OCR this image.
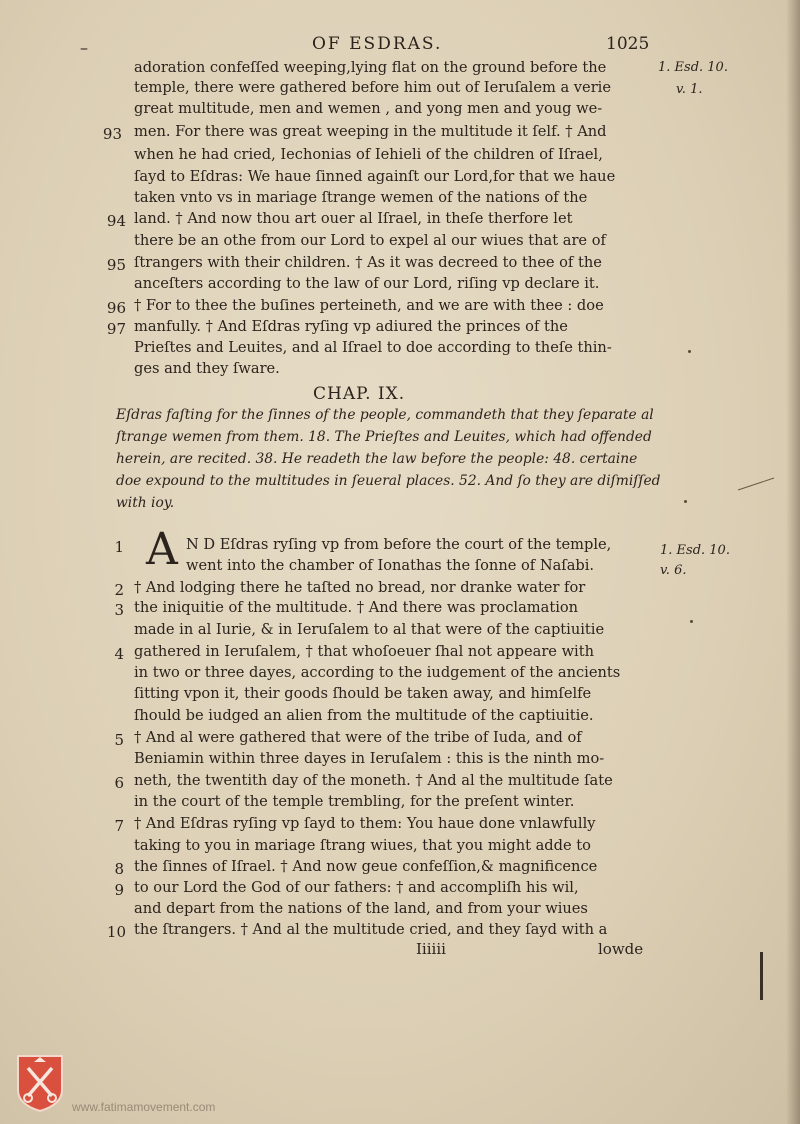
–	OF ESDRAS.	1025
1. Esd. 10.
v. 1.
1. Esd. 10.
v. 6.
adoration confeſſed weeping,lying flat on the ground before the
temple, there were gathered before him out of Ieruſalem a verie
great multitude, men and wemen , and yong men and youg we-
men. For there was great weeping in the multitude it ſelf. † And
when he had cried, Iechonias of Iehieli of the children of Iſrael,
ſayd to Eſdras: We haue ſinned againſt our Lord,for that we haue
taken vnto vs in mariage ſtrange wemen of the nations of the
land. † And now thou art ouer al Iſrael, in theſe therfore let
there be an othe from our Lord to expel al our wiues that are of
ſtrangers with their children. † As it was decreed to thee of the
anceſters according to the law of our Lord, riſing vp declare it.
† For to thee the buſines perteineth, and we are with thee : doe
manfully. † And Eſdras ryſing vp adiured the princes of the
Prieſtes and Leuites, and al Iſrael to doe according to theſe thin-
ges and they ſware.
93
94
95
96
97
CHAP. IX.
Eſdras faſting for the ſinnes of the people, commandeth that they ſeparate al
ſtrange wemen from them. 18. The Prieſtes and Leuites, which had offended
herein, are recited. 38. He readeth the law before the people: 48. certaine
doe expound to the multitudes in ſeueral places. 52. And ſo they are diſmiſſed
with ioy.
A N D Eſdras ryſing vp from before the court of the temple,
went into the chamber of Ionathas the ſonne of Naſabi.
† And lodging there he taſted no bread, nor dranke water for
the iniquitie of the multitude. † And there was proclamation
made in al Iurie, & in Ieruſalem to al that were of the captiuitie
gathered in Ieruſalem, † that whoſoeuer ſhal not appeare with
in two or three dayes, according to the iudgement of the ancients
ſitting vpon it, their goods ſhould be taken away, and himſelfe
ſhould be iudged an alien from the multitude of the captiuitie.
† And al were gathered that were of the tribe of Iuda, and of
Beniamin within three dayes in Ieruſalem : this is the ninth mo-
neth, the twentith day of the moneth. † And al the multitude ſate
in the court of the temple trembling, for the preſent winter.
† And Eſdras ryſing vp ſayd to them: You haue done vnlawfully
taking to you in mariage ſtrang wiues, that you might adde to
the ſinnes of Iſrael. † And now geue confeſſion,& magnificence
to our Lord the God of our fathers: † and accompliſh his wil,
and depart from the nations of the land, and from your wiues
the ſtrangers. † And al the multitude cried, and they ſayd with a
1
2
3
4
5
6
7
8
9
10
Iiiiii	lowde
www.fatimamovement.com
